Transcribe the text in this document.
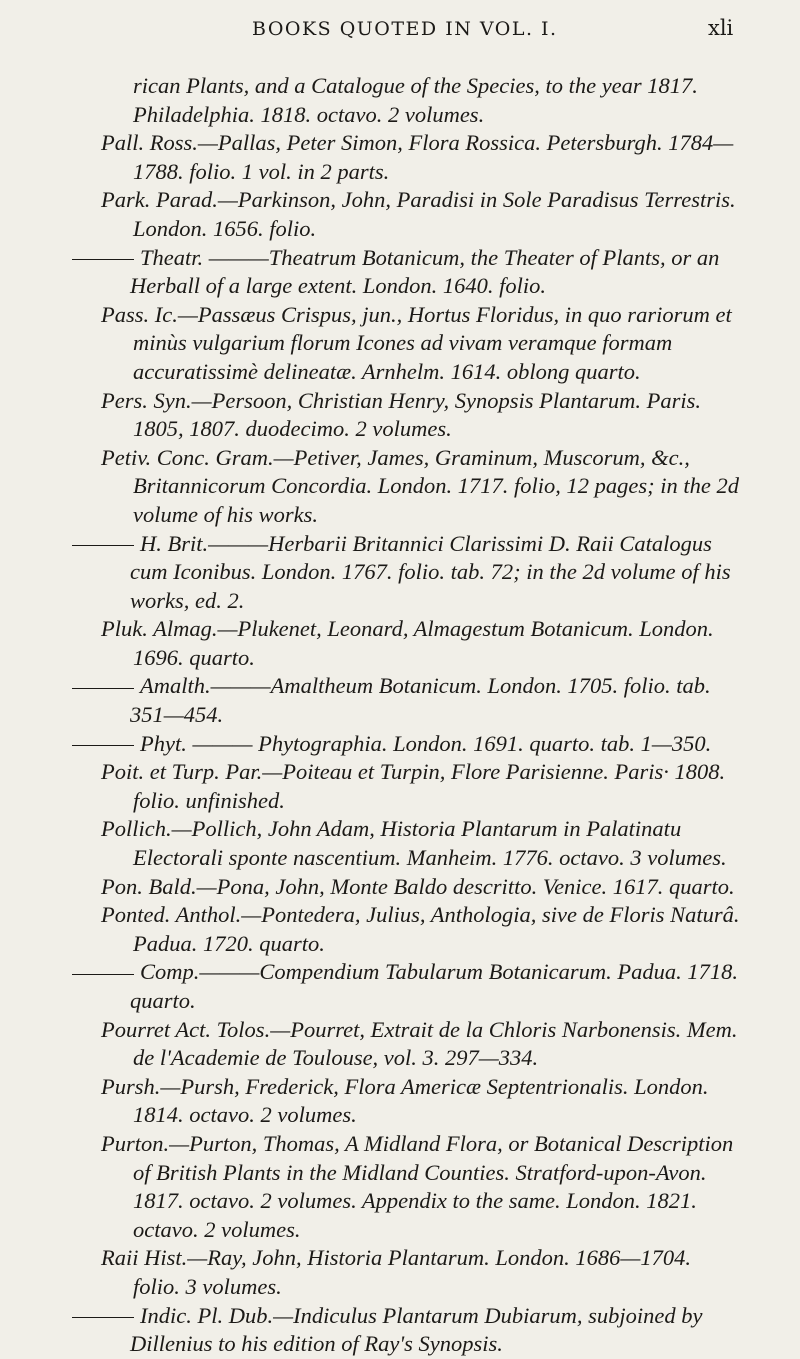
BOOKS QUOTED IN VOL. I.	xli

rican Plants, and a Catalogue of the Species, to the year 1817. Philadelphia. 1818. octavo. 2 volumes.

Pall. Ross.—Pallas, Peter Simon, Flora Rossica. Petersburgh. 1784—1788. folio. 1 vol. in 2 parts.

Park. Parad.—Parkinson, John, Paradisi in Sole Paradisus Terrestris. London. 1656. folio.

Theatr. ———Theatrum Botanicum, the Theater of Plants, or an Herball of a large extent. London. 1640. folio.

Pass. Ic.—Passæus Crispus, jun., Hortus Floridus, in quo rariorum et minùs vulgarium florum Icones ad vivam veramque formam accuratissimè delineatæ. Arnhelm. 1614. oblong quarto.

Pers. Syn.—Persoon, Christian Henry, Synopsis Plantarum. Paris. 1805, 1807. duodecimo. 2 volumes.

Petiv. Conc. Gram.—Petiver, James, Graminum, Muscorum, &c., Britannicorum Concordia. London. 1717. folio, 12 pages; in the 2d volume of his works.

H. Brit.———Herbarii Britannici Clarissimi D. Raii Catalogus cum Iconibus. London. 1767. folio. tab. 72; in the 2d volume of his works, ed. 2.

Pluk. Almag.—Plukenet, Leonard, Almagestum Botanicum. London. 1696. quarto.

Amalth.———Amaltheum Botanicum. London. 1705. folio. tab. 351—454.

Phyt. ——— Phytographia. London. 1691. quarto. tab. 1—350.

Poit. et Turp. Par.—Poiteau et Turpin, Flore Parisienne. Paris· 1808. folio. unfinished.

Pollich.—Pollich, John Adam, Historia Plantarum in Palatinatu Electorali sponte nascentium. Manheim. 1776. octavo. 3 volumes.

Pon. Bald.—Pona, John, Monte Baldo descritto. Venice. 1617. quarto.

Ponted. Anthol.—Pontedera, Julius, Anthologia, sive de Floris Naturâ. Padua. 1720. quarto.

Comp.———Compendium Tabularum Botanicarum. Padua. 1718. quarto.

Pourret Act. Tolos.—Pourret, Extrait de la Chloris Narbonensis. Mem. de l'Academie de Toulouse, vol. 3. 297—334.

Pursh.—Pursh, Frederick, Flora Americæ Septentrionalis. London. 1814. octavo. 2 volumes.

Purton.—Purton, Thomas, A Midland Flora, or Botanical Description of British Plants in the Midland Counties. Stratford-upon-Avon. 1817. octavo. 2 volumes. Appendix to the same. London. 1821. octavo. 2 volumes.

Raii Hist.—Ray, John, Historia Plantarum. London. 1686—1704. folio. 3 volumes.

Indic. Pl. Dub.—Indiculus Plantarum Dubiarum, subjoined by Dillenius to his edition of Ray's Synopsis.
